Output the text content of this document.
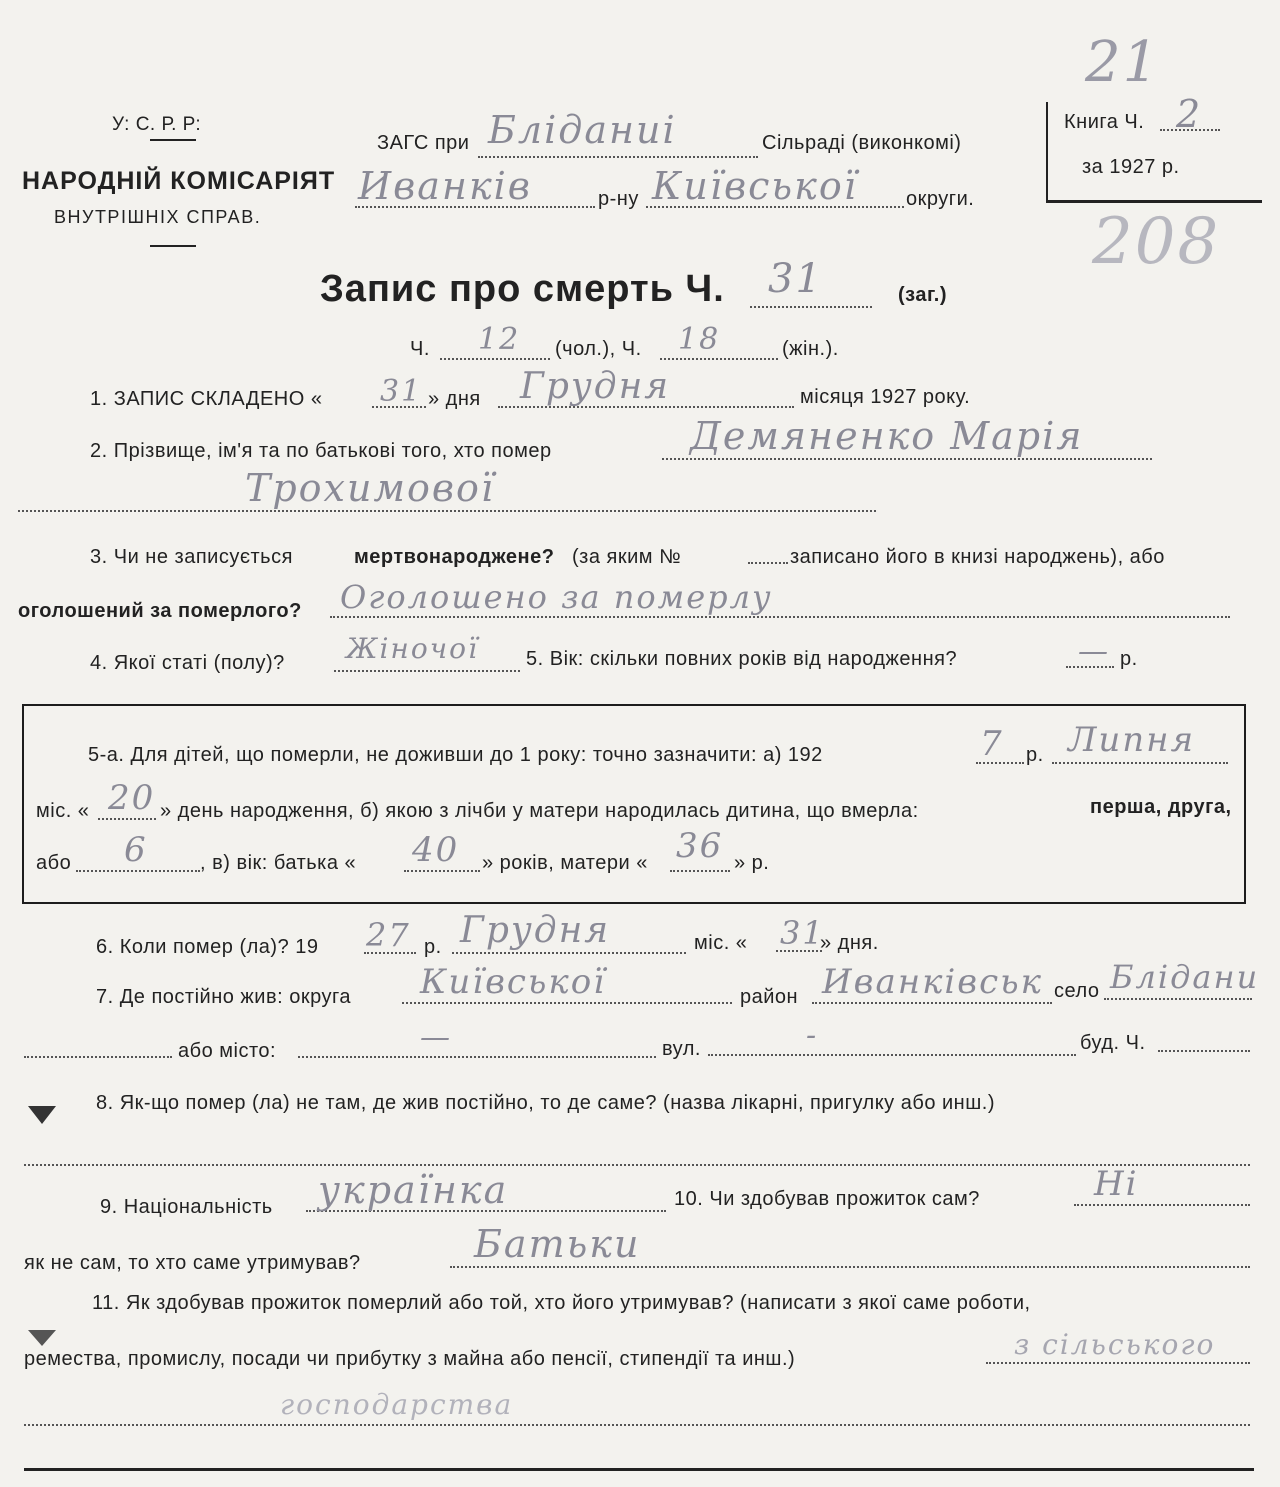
У: С. Р. Р:
НАРОДНІЙ КОМІСАРІЯТ
ВНУТРІШНІХ СПРАВ.
21
ЗАГС при Бліданиі	Сільраді (виконкомі)
Иванків	р-ну Київської округи.
Книга Ч. 2
за 1927 р.
208
Запис про смерть Ч. 31	(заг.)
Ч. 12 (чол.), Ч. 18	(жін.).
1. ЗАПИС СКЛАДЕНО « 31 » дня Грудня	місяця 1927 року.
2. Прізвище, ім'я та по батькові того, хто помер	Демяненко Марія
Трохимової
3. Чи не записується	мертвонароджене? (за яким №	записано його в книзі народжень), або
оголошений за померлого? Оголошено за померлу
4. Якої статі (полу)? Жіночої 5. Вік: скільки повних років від народження?	— р.
5-а. Для дітей, що померли, не доживши до 1 року: точно зазначити: а) 192	7 р. Липня
міс. « 20 » день народження, б) якою з лічби у матери народилась дитина, що вмерла:	перша, друга,
або 6	, в) вік: батька « 40 » років, матери « 36 » р.
6. Коли помер (ла)? 19 27 р. Грудня	міс. « 31
» дня.
7. Де постійно жив: округа Київської	район Иванківськ село Блідани
або місто:	—	вул.	-	буд. Ч.
8. Як-що помер (ла) не там, де жив постійно, то де саме? (назва лікарні, пригулку або инш.)
9. Національність українка	10. Чи здобував прожиток сам?	Ні
як не сам, то хто саме утримував?	Батьки
11. Як здобував прожиток померлий або той, хто його утримував? (написати з якої саме роботи,
ремества, промислу, посади чи прибутку з майна або пенсії, стипендії та инш.)	з сільського
господарства
